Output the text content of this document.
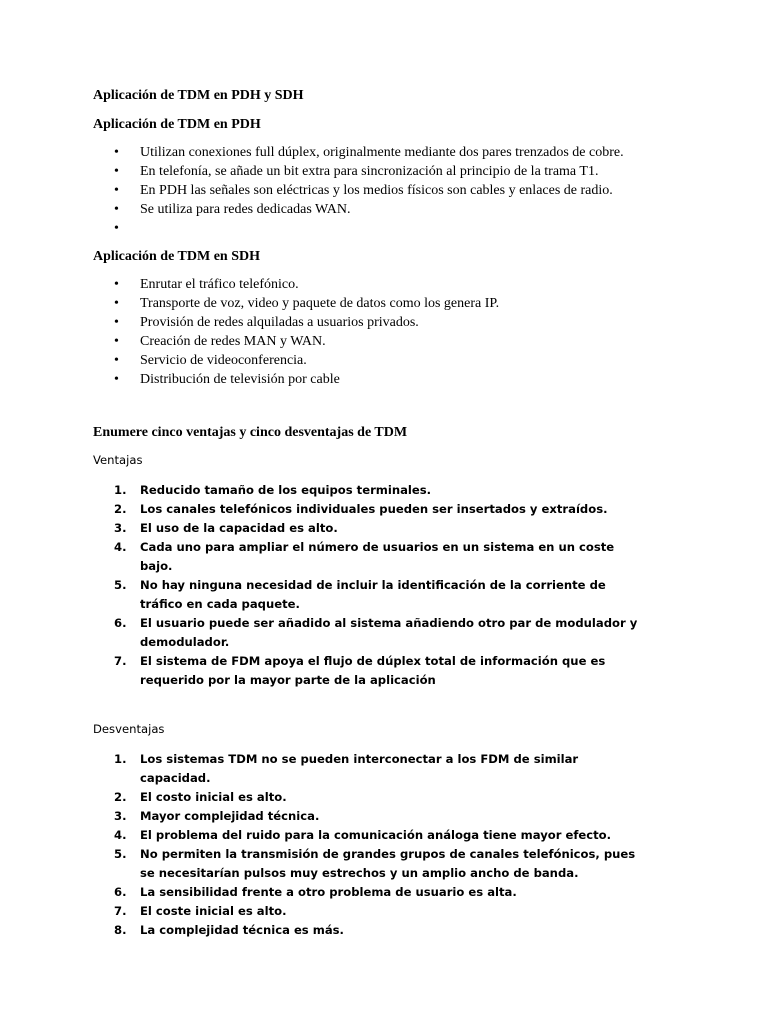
Aplicación de TDM en PDH y SDH

Aplicación de TDM en PDH

• Utilizan conexiones full dúplex, originalmente mediante dos pares trenzados de cobre.
• En telefonía, se añade un bit extra para sincronización al principio de la trama T1.
• En PDH las señales son eléctricas y los medios físicos son cables y enlaces de radio.
• Se utiliza para redes dedicadas WAN.
•

Aplicación de TDM en SDH

• Enrutar el tráfico telefónico.
• Transporte de voz, video y paquete de datos como los genera IP.
• Provisión de redes alquiladas a usuarios privados.
• Creación de redes MAN y WAN.
• Servicio de videoconferencia.
• Distribución de televisión por cable

Enumere cinco ventajas y cinco desventajas de TDM

Ventajas

1. Reducido tamaño de los equipos terminales.
2. Los canales telefónicos individuales pueden ser insertados y extraídos.
3. El uso de la capacidad es alto.
4. Cada uno para ampliar el número de usuarios en un sistema en un coste bajo.
5. No hay ninguna necesidad de incluir la identificación de la corriente de tráfico en cada paquete.
6. El usuario puede ser añadido al sistema añadiendo otro par de modulador y demodulador.
7. El sistema de FDM apoya el flujo de dúplex total de información que es requerido por la mayor parte de la aplicación

Desventajas

1. Los sistemas TDM no se pueden interconectar a los FDM de similar capacidad.
2. El costo inicial es alto.
3. Mayor complejidad técnica.
4. El problema del ruido para la comunicación análoga tiene mayor efecto.
5. No permiten la transmisión de grandes grupos de canales telefónicos, pues se necesitarían pulsos muy estrechos y un amplio ancho de banda.
6. La sensibilidad frente a otro problema de usuario es alta.
7. El coste inicial es alto.
8. La complejidad técnica es más.
